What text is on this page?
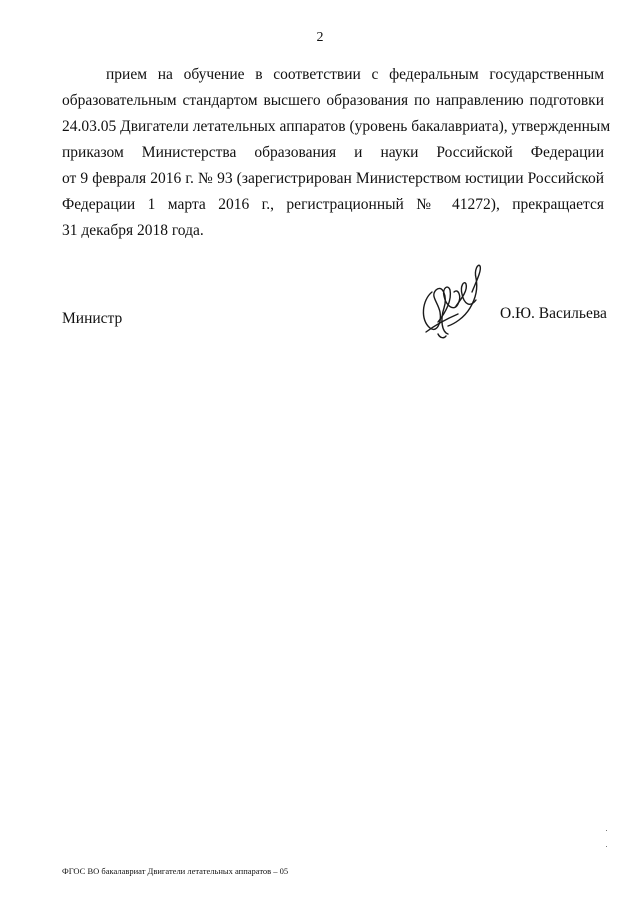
2
прием на обучение в соответствии с федеральным государственным
образовательным стандартом высшего образования по направлению подготовки
24.03.05 Двигатели летательных аппаратов (уровень бакалавриата), утвержденным
приказом Министерства образования и науки Российской Федерации
от 9 февраля 2016 г. № 93 (зарегистрирован Министерством юстиции Российской
Федерации 1 марта 2016 г., регистрационный № 41272), прекращается
31 декабря 2018 года.
Министр	О.Ю. Васильева
ФГОС ВО бакалавриат Двигатели летательных аппаратов – 05
